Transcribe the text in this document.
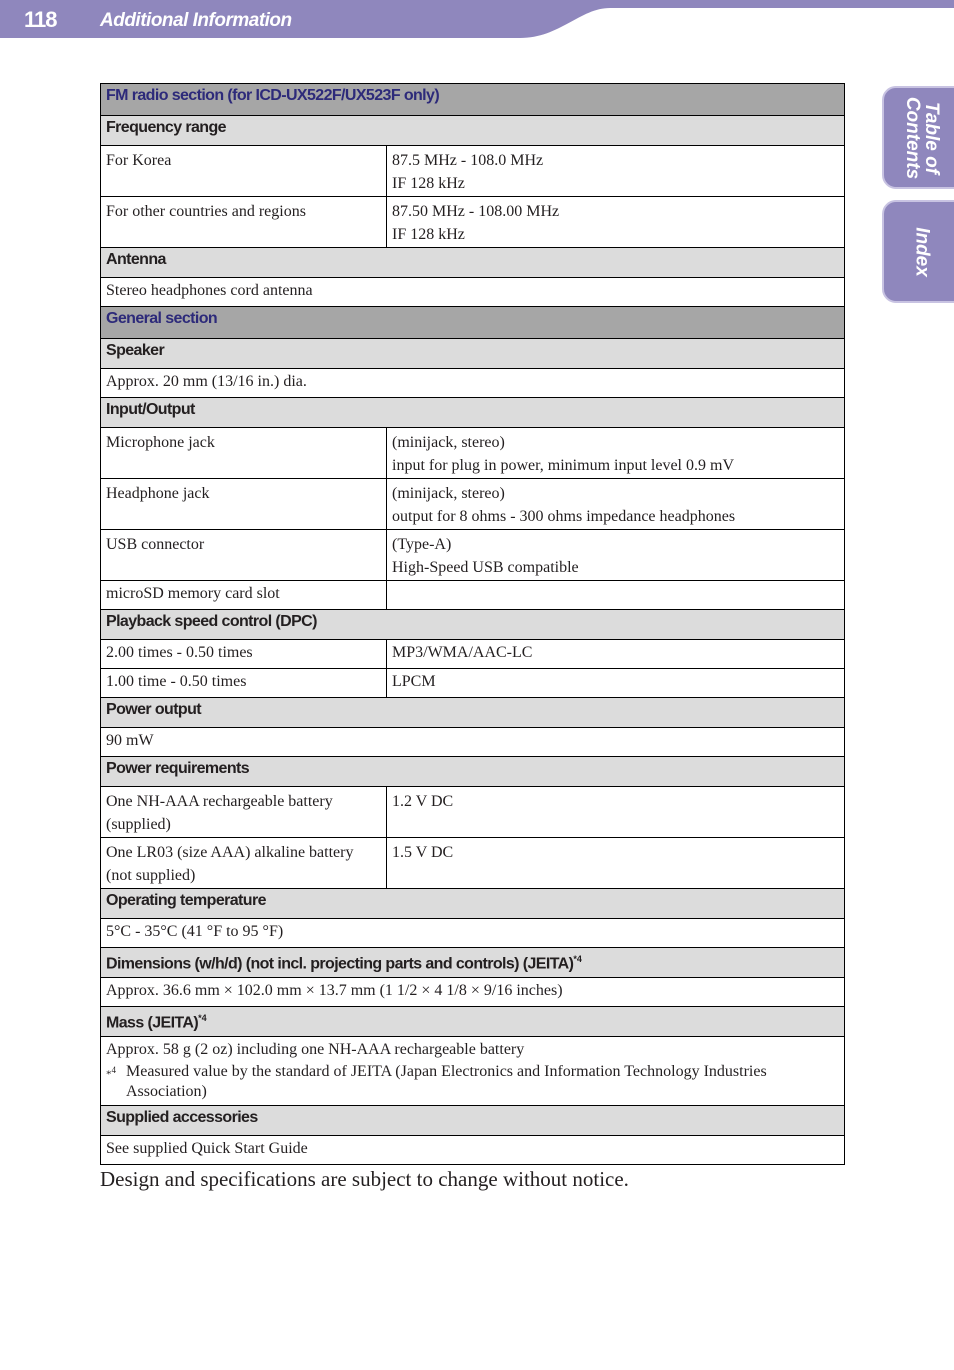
118 Additional Information
Table of
Contents
Index
FM radio section (for ICD-UX522F/UX523F only)	
Frequency range	
For Korea	87.5 MHz - 108.0 MHz
IF 128 kHz

For other countries and regions	87.50 MHz - 108.00 MHz
IF 128 kHz

Antenna	
Stereo headphones cord antenna	
General section	
Speaker	
Approx. 20 mm (13/16 in.) dia.	
Input/Output	
Microphone jack	(minijack, stereo)
input for plug in power, minimum input level 0.9 mV

Headphone jack	(minijack, stereo)
output for 8 ohms - 300 ohms impedance headphones

USB connector	(Type-A)
High-Speed USB compatible

microSD memory card slot	
Playback speed control (DPC)	
2.00 times - 0.50 times	MP3/WMA/AAC-LC
1.00 time - 0.50 times	LPCM
Power output	
90 mW	
Power requirements	

One NH-AAA rechargeable battery
(supplied)	1.2 V DC

One LR03 (size AAA) alkaline battery
(not supplied)	1.5 V DC
Operating temperature	
5°C - 35°C (41 °F to 95 °F)	
Dimensions (w/h/d) (not incl. projecting parts and controls) (JEITA)$^{*4}$
Approx. 36.6 mm × 102.0 mm × 13.7 mm (1 1/2 × 4 1/8 × 9/16 inches)	
Mass (JEITA)$^{*4}$

Approx. 58 g (2 oz) including one NH-AAA rechargeable battery
*$^4$ Measured value by the standard of JEITA (Japan Electronics and Information Technology Industries Association)	

Supplied accessories	
See supplied Quick Start Guide	
Design and specifications are subject to change without notice.
